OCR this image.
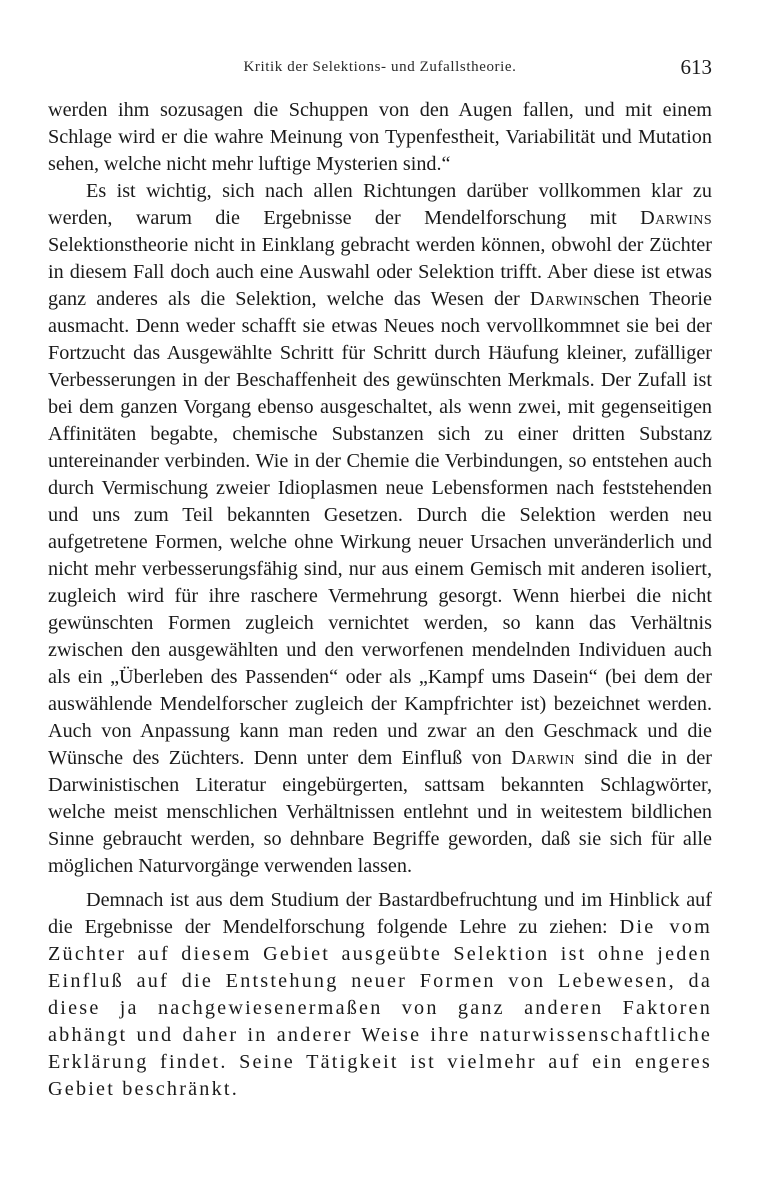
Kritik der Selektions- und Zufallstheorie.	613

werden ihm sozusagen die Schuppen von den Augen fallen, und mit einem Schlage wird er die wahre Meinung von Typenfestheit, Variabilität und Mutation sehen, welche nicht mehr luftige Mysterien sind.“

Es ist wichtig, sich nach allen Richtungen darüber vollkommen klar zu werden, warum die Ergebnisse der Mendelforschung mit Darwins Selektionstheorie nicht in Einklang gebracht werden können, obwohl der Züchter in diesem Fall doch auch eine Auswahl oder Selektion trifft. Aber diese ist etwas ganz anderes als die Selektion, welche das Wesen der Darwinschen Theorie ausmacht. Denn weder schafft sie etwas Neues noch vervollkommnet sie bei der Fortzucht das Ausgewählte Schritt für Schritt durch Häufung kleiner, zufälliger Verbesserungen in der Beschaffenheit des gewünschten Merkmals. Der Zufall ist bei dem ganzen Vorgang ebenso ausgeschaltet, als wenn zwei, mit gegenseitigen Affinitäten begabte, chemische Substanzen sich zu einer dritten Substanz untereinander verbinden. Wie in der Chemie die Verbindungen, so entstehen auch durch Vermischung zweier Idioplasmen neue Lebensformen nach feststehenden und uns zum Teil bekannten Gesetzen. Durch die Selektion werden neu aufgetretene Formen, welche ohne Wirkung neuer Ursachen unveränderlich und nicht mehr verbesserungsfähig sind, nur aus einem Gemisch mit anderen isoliert, zugleich wird für ihre raschere Vermehrung gesorgt. Wenn hierbei die nicht gewünschten Formen zugleich vernichtet werden, so kann das Verhältnis zwischen den ausgewählten und den verworfenen mendelnden Individuen auch als ein „Überleben des Passenden“ oder als „Kampf ums Dasein“ (bei dem der auswählende Mendelforscher zugleich der Kampfrichter ist) bezeichnet werden. Auch von Anpassung kann man reden und zwar an den Geschmack und die Wünsche des Züchters. Denn unter dem Einfluß von Darwin sind die in der Darwinistischen Literatur eingebürgerten, sattsam bekannten Schlagwörter, welche meist menschlichen Verhältnissen entlehnt und in weitestem bildlichen Sinne gebraucht werden, so dehnbare Begriffe geworden, daß sie sich für alle möglichen Naturvorgänge verwenden lassen.

Demnach ist aus dem Studium der Bastardbefruchtung und im Hinblick auf die Ergebnisse der Mendelforschung folgende Lehre zu ziehen: Die vom Züchter auf diesem Gebiet ausgeübte Selektion ist ohne jeden Einfluß auf die Entstehung neuer Formen von Lebewesen, da diese ja nachgewiesenermaßen von ganz anderen Faktoren abhängt und daher in anderer Weise ihre naturwissenschaftliche Erklärung findet. Seine Tätigkeit ist vielmehr auf ein engeres Gebiet beschränkt.
